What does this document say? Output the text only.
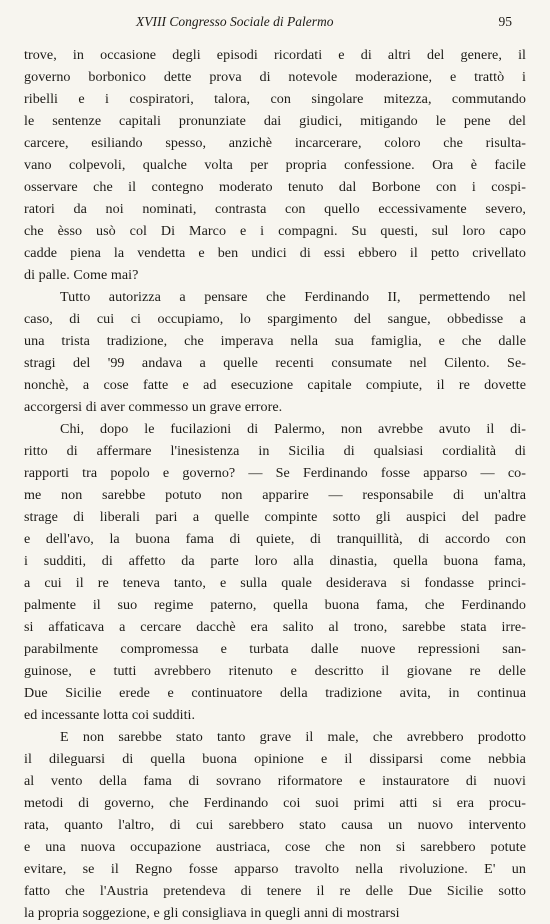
XVIII Congresso Sociale di Palermo	95
trove, in occasione degli episodi ricordati e di altri del genere, il
governo borbonico dette prova di notevole moderazione, e trattò i
ribelli e i cospiratori, talora, con singolare mitezza, commutando
le sentenze capitali pronunziate dai giudici, mitigando le pene del
carcere, esiliando spesso, anzichè incarcerare, coloro che risulta-
vano colpevoli, qualche volta per propria confessione. Ora è facile
osservare che il contegno moderato tenuto dal Borbone con i cospi-
ratori da noi nominati, contrasta con quello eccessivamente severo,
che èsso usò col Di Marco e i compagni. Su questi, sul loro capo
cadde piena la vendetta e ben undici di essi ebbero il petto crivellato
di palle. Come mai?
Tutto autorizza a pensare che Ferdinando II, permettendo nel
caso, di cui ci occupiamo, lo spargimento del sangue, obbedisse a
una trista tradizione, che imperava nella sua famiglia, e che dalle
stragi del '99 andava a quelle recenti consumate nel Cilento. Se-
nonchè, a cose fatte e ad esecuzione capitale compiute, il re dovette
accorgersi di aver commesso un grave errore.
Chi, dopo le fucilazioni di Palermo, non avrebbe avuto il di-
ritto di affermare l'inesistenza in Sicilia di qualsiasi cordialità di
rapporti tra popolo e governo? — Se Ferdinando fosse apparso — co-
me non sarebbe potuto non apparire — responsabile di un'altra
strage di liberali pari a quelle compinte sotto gli auspici del padre
e dell'avo, la buona fama di quiete, di tranquillità, di accordo con
i sudditi, di affetto da parte loro alla dinastia, quella buona fama,
a cui il re teneva tanto, e sulla quale desiderava si fondasse princi-
palmente il suo regime paterno, quella buona fama, che Ferdinando
si affaticava a cercare dacchè era salito al trono, sarebbe stata irre-
parabilmente compromessa e turbata dalle nuove repressioni san-
guinose, e tutti avrebbero ritenuto e descritto il giovane re delle
Due Sicilie erede e continuatore della tradizione avita, in continua
ed incessante lotta coi sudditi.
E non sarebbe stato tanto grave il male, che avrebbero prodotto
il dileguarsi di quella buona opinione e il dissiparsi come nebbia
al vento della fama di sovrano riformatore e instauratore di nuovi
metodi di governo, che Ferdinando coi suoi primi atti si era procu-
rata, quanto l'altro, di cui sarebbero stato causa un nuovo intervento
e una nuova occupazione austriaca, cose che non si sarebbero potute
evitare, se il Regno fosse apparso travolto nella rivoluzione. E' un
fatto che l'Austria pretendeva di tenere il re delle Due Sicilie sotto
la propria soggezione, e gli consigliava in quegli anni di mostrarsi
